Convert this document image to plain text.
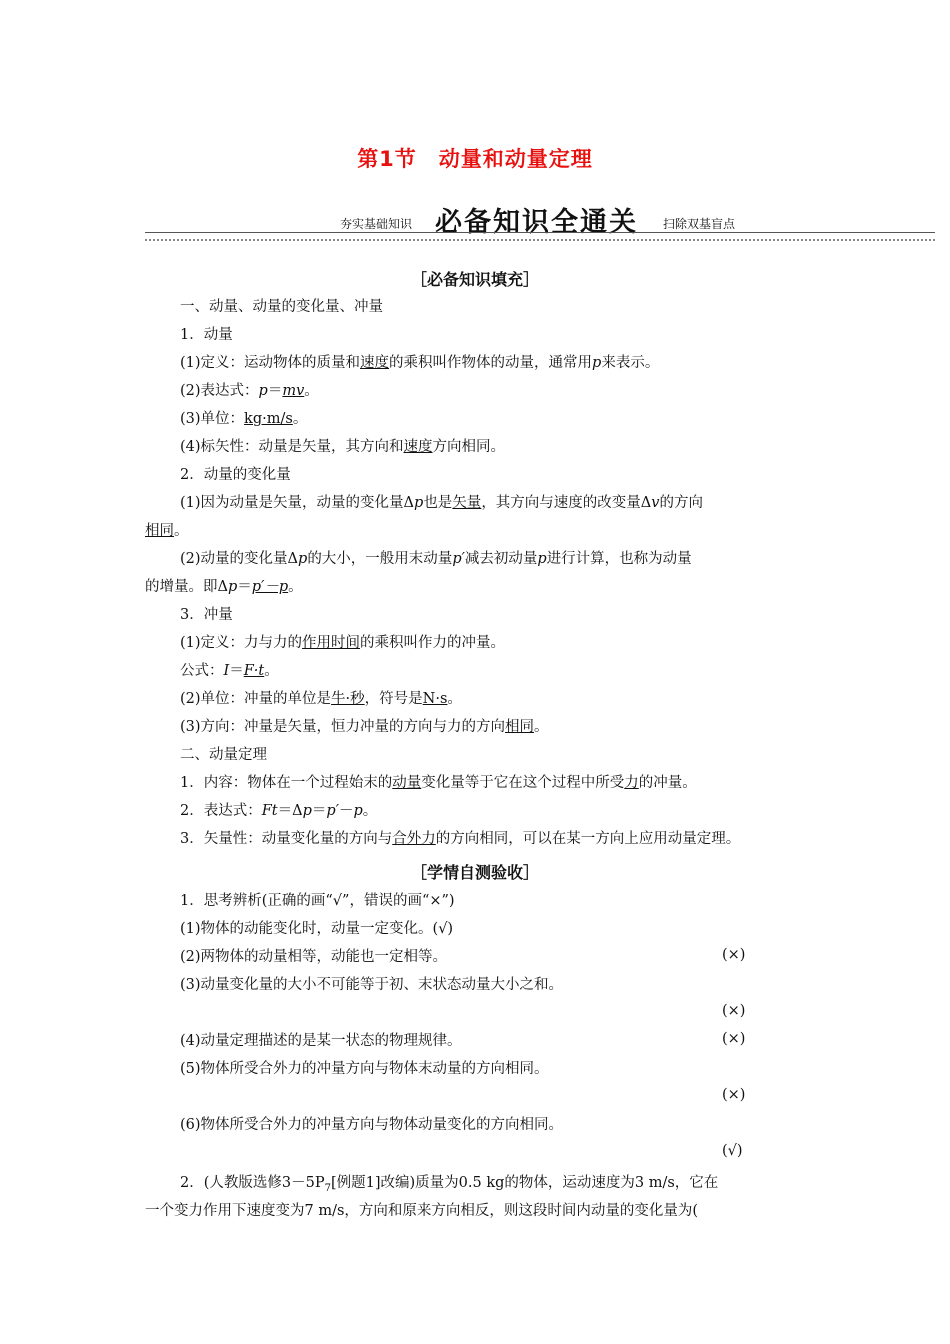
第1节　动量和动量定理
夯实基础知识 必备知识全通关 扫除双基盲点
［必备知识填充］
一、动量、动量的变化量、冲量
1．动量
(1)定义：运动物体的质量和速度的乘积叫作物体的动量，通常用p来表示。
(2)表达式：p＝mv。
(3)单位：kg·m/s。
(4)标矢性：动量是矢量，其方向和速度方向相同。
2．动量的变化量
(1)因为动量是矢量，动量的变化量Δp也是矢量，其方向与速度的改变量Δv的方向
相同。
(2)动量的变化量Δp的大小，一般用末动量p′减去初动量p进行计算，也称为动量
的增量。即Δp＝p′－p。
3．冲量
(1)定义：力与力的作用时间的乘积叫作力的冲量。
公式：I＝F·t。
(2)单位：冲量的单位是牛·秒，符号是N·s。
(3)方向：冲量是矢量，恒力冲量的方向与力的方向相同。
二、动量定理
1．内容：物体在一个过程始末的动量变化量等于它在这个过程中所受力的冲量。
2．表达式：Ft＝Δp＝p′－p。
3．矢量性：动量变化量的方向与合外力的方向相同，可以在某一方向上应用动量定理。
［学情自测验收］
1．思考辨析(正确的画“√”，错误的画“×”)
(1)物体的动能变化时，动量一定变化。(√)
(2)两物体的动量相等，动能也一定相等。	(×)
(3)动量变化量的大小不可能等于初、末状态动量大小之和。
(×)
(4)动量定理描述的是某一状态的物理规律。	(×)
(5)物体所受合外力的冲量方向与物体末动量的方向相同。
(×)
(6)物体所受合外力的冲量方向与物体动量变化的方向相同。
(√)
2．(人教版选修$3-5P_7$[例题1]改编)质量为0.5 kg的物体，运动速度为3 m/s，它在
一个变力作用下速度变为7 m/s，方向和原来方向相反，则这段时间内动量的变化量为(
